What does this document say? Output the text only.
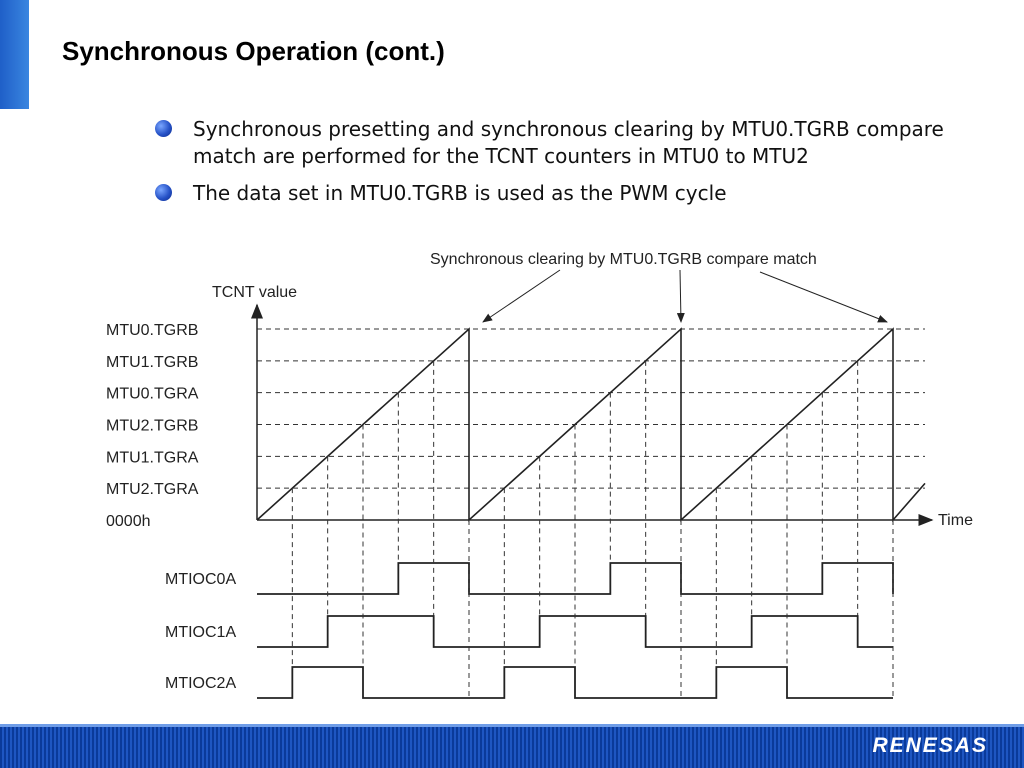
Synchronous Operation (cont.)
Synchronous presetting and synchronous clearing by MTU0.TGRB compare match are performed for the TCNT counters in MTU0 to MTU2
The data set in MTU0.TGRB is used as the PWM cycle
Synchronous clearing by MTU0.TGRB compare match
TCNT value
Time
MTU0.TGRB
MTU1.TGRB
MTU0.TGRA
MTU2.TGRB
MTU1.TGRA
MTU2.TGRA
0000h
MTIOC0A
MTIOC1A
MTIOC2A
RENESAS
